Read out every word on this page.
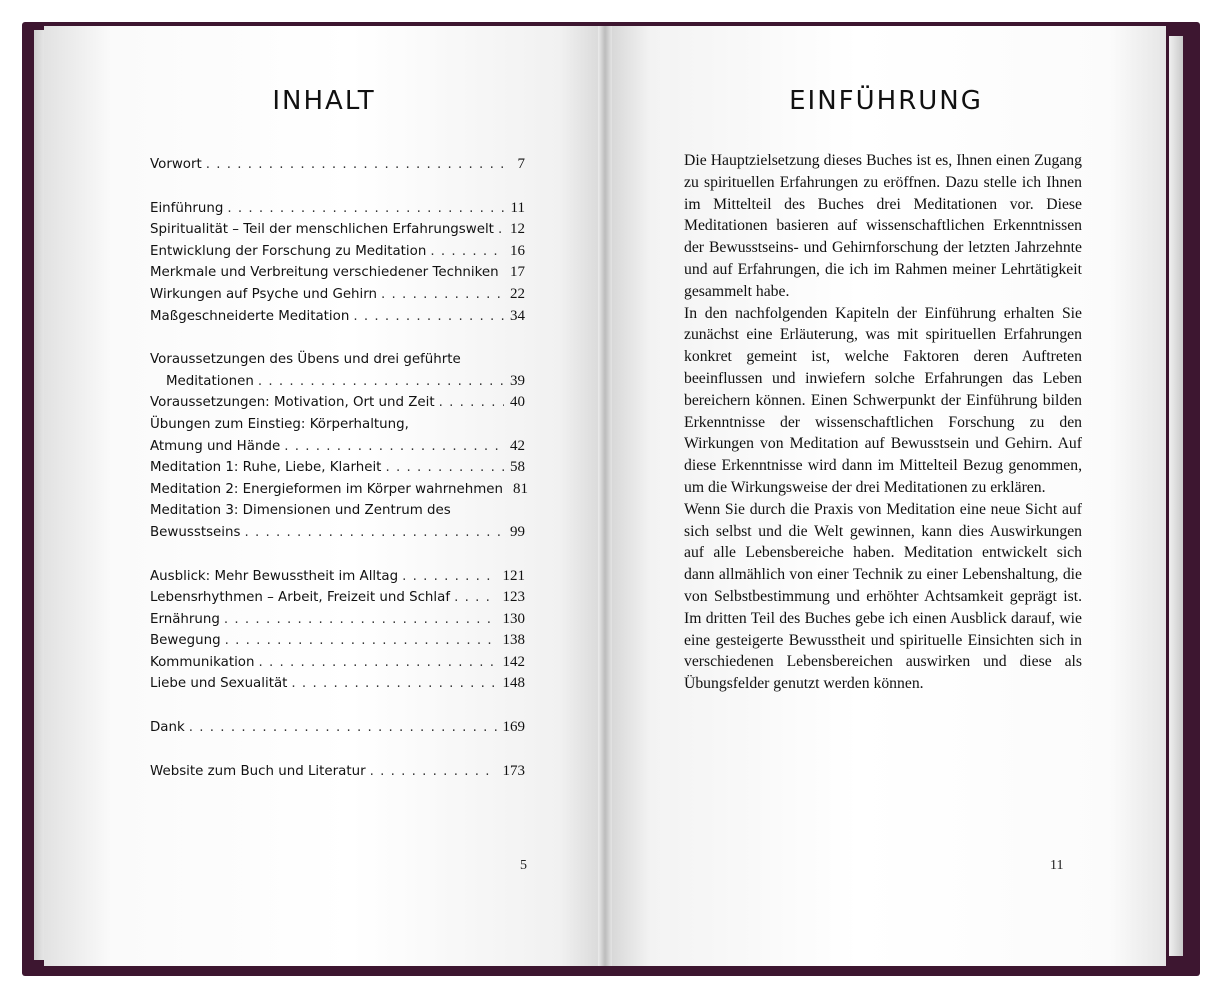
INHALT
Vorwort . . .	7
Einführung . . .	11
Spiritualität – Teil der menschlichen Erfahrungswelt . . .	12
Entwicklung der Forschung zu Meditation . . .	16
Merkmale und Verbreitung verschiedener Techniken . . . 17
Wirkungen auf Psyche und Gehirn . . .	22
Maßgeschneiderte Meditation . . .	34
Voraussetzungen des Übens und drei geführte
Meditationen . . .	39
Voraussetzungen: Motivation, Ort und Zeit . . .	40
Übungen zum Einstieg: Körperhaltung,
Atmung und Hände . . .	42
Meditation 1: Ruhe, Liebe, Klarheit . . .	58
Meditation 2: Energieformen im Körper wahrnehmen . . . 81
Meditation 3: Dimensionen und Zentrum des
Bewusstseins . . .	99
Ausblick: Mehr Bewusstheit im Alltag . . .	121
Lebensrhythmen – Arbeit, Freizeit und Schlaf . . .	123
Ernährung . . .	130
Bewegung . . .	138
Kommunikation . . .	142
Liebe und Sexualität . . .	148
Dank . . .	169
Website zum Buch und Literatur . . .	173
5
EINFÜHRUNG

Die Hauptzielsetzung dieses Buches ist es, Ihnen einen Zugang zu spirituellen Erfahrungen zu eröffnen. Dazu stelle ich Ihnen im Mittelteil des Buches drei Meditationen vor. Diese Meditationen basieren auf wissenschaftlichen Erkenntnissen der Bewusstseins- und Gehirnforschung der letzten Jahrzehnte und auf Erfahrungen, die ich im Rahmen meiner Lehrtätigkeit gesammelt habe.

In den nachfolgenden Kapiteln der Einführung erhalten Sie zunächst eine Erläuterung, was mit spirituellen Erfahrungen konkret gemeint ist, welche Faktoren deren Auftreten beeinflussen und inwiefern solche Erfahrungen das Leben bereichern können. Einen Schwerpunkt der Einführung bilden Erkenntnisse der wissenschaftlichen Forschung zu den Wirkungen von Meditation auf Bewusstsein und Gehirn. Auf diese Erkenntnisse wird dann im Mittelteil Bezug genommen, um die Wirkungsweise der drei Meditationen zu erklären.

Wenn Sie durch die Praxis von Meditation eine neue Sicht auf sich selbst und die Welt gewinnen, kann dies Auswirkungen auf alle Lebensbereiche haben. Meditation entwickelt sich dann allmählich von einer Technik zu einer Lebenshaltung, die von Selbstbestimmung und erhöhter Achtsamkeit geprägt ist. Im dritten Teil des Buches gebe ich einen Ausblick darauf, wie eine gesteigerte Bewusstheit und spirituelle Einsichten sich in verschiedenen Lebensbereichen auswirken und diese als Übungsfelder genutzt werden können.

11
